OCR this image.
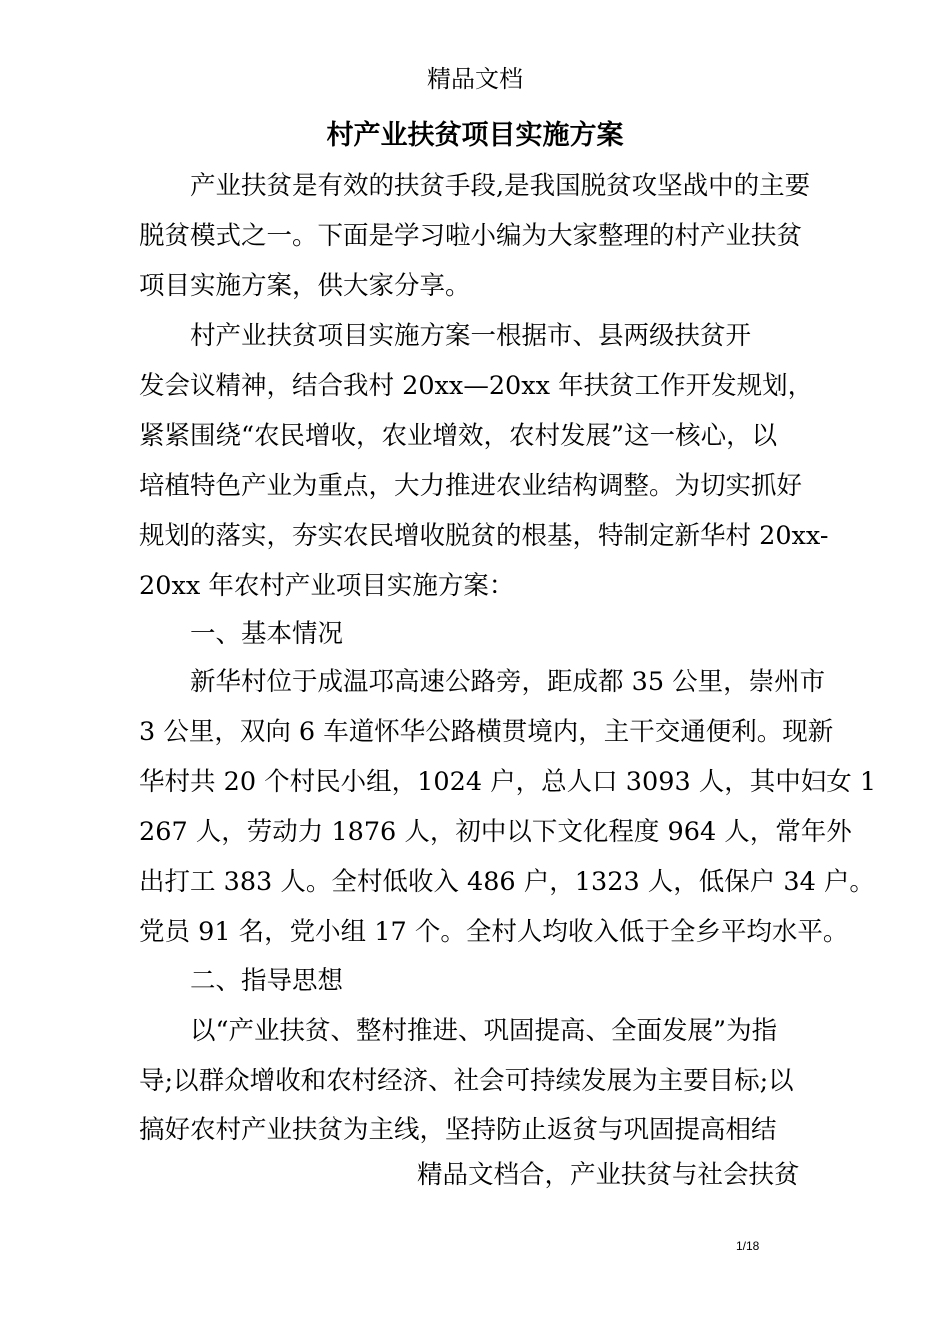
精品文档
村产业扶贫项目实施方案
　　产业扶贫是有效的扶贫手段,是我国脱贫攻坚战中的主要
脱贫模式之一。下面是学习啦小编为大家整理的村产业扶贫
项目实施方案，供大家分享。
　　村产业扶贫项目实施方案一根据市、县两级扶贫开
发会议精神，结合我村 20xx—20xx 年扶贫工作开发规划，
紧紧围绕“农民增收，农业增效，农村发展”这一核心，以
培植特色产业为重点，大力推进农业结构调整。为切实抓好
规划的落实，夯实农民增收脱贫的根基，特制定新华村 20xx-
20xx 年农村产业项目实施方案：
　　一、基本情况
　　新华村位于成温邛高速公路旁，距成都 35 公里，崇州市
3 公里，双向 6 车道怀华公路横贯境内，主干交通便利。现新
华村共 20 个村民小组，1024 户，总人口 3093 人，其中妇女 1
267 人，劳动力 1876 人，初中以下文化程度 964 人，常年外
出打工 383 人。全村低收入 486 户，1323 人，低保户 34 户。
党员 91 名，党小组 17 个。全村人均收入低于全乡平均水平。
　　二、指导思想
　　以“产业扶贫、整村推进、巩固提高、全面发展”为指
导;以群众增收和农村经济、社会可持续发展为主要目标;以
搞好农村产业扶贫为主线，坚持防止返贫与巩固提高相结
精品文档合，产业扶贫与社会扶贫
1/18
